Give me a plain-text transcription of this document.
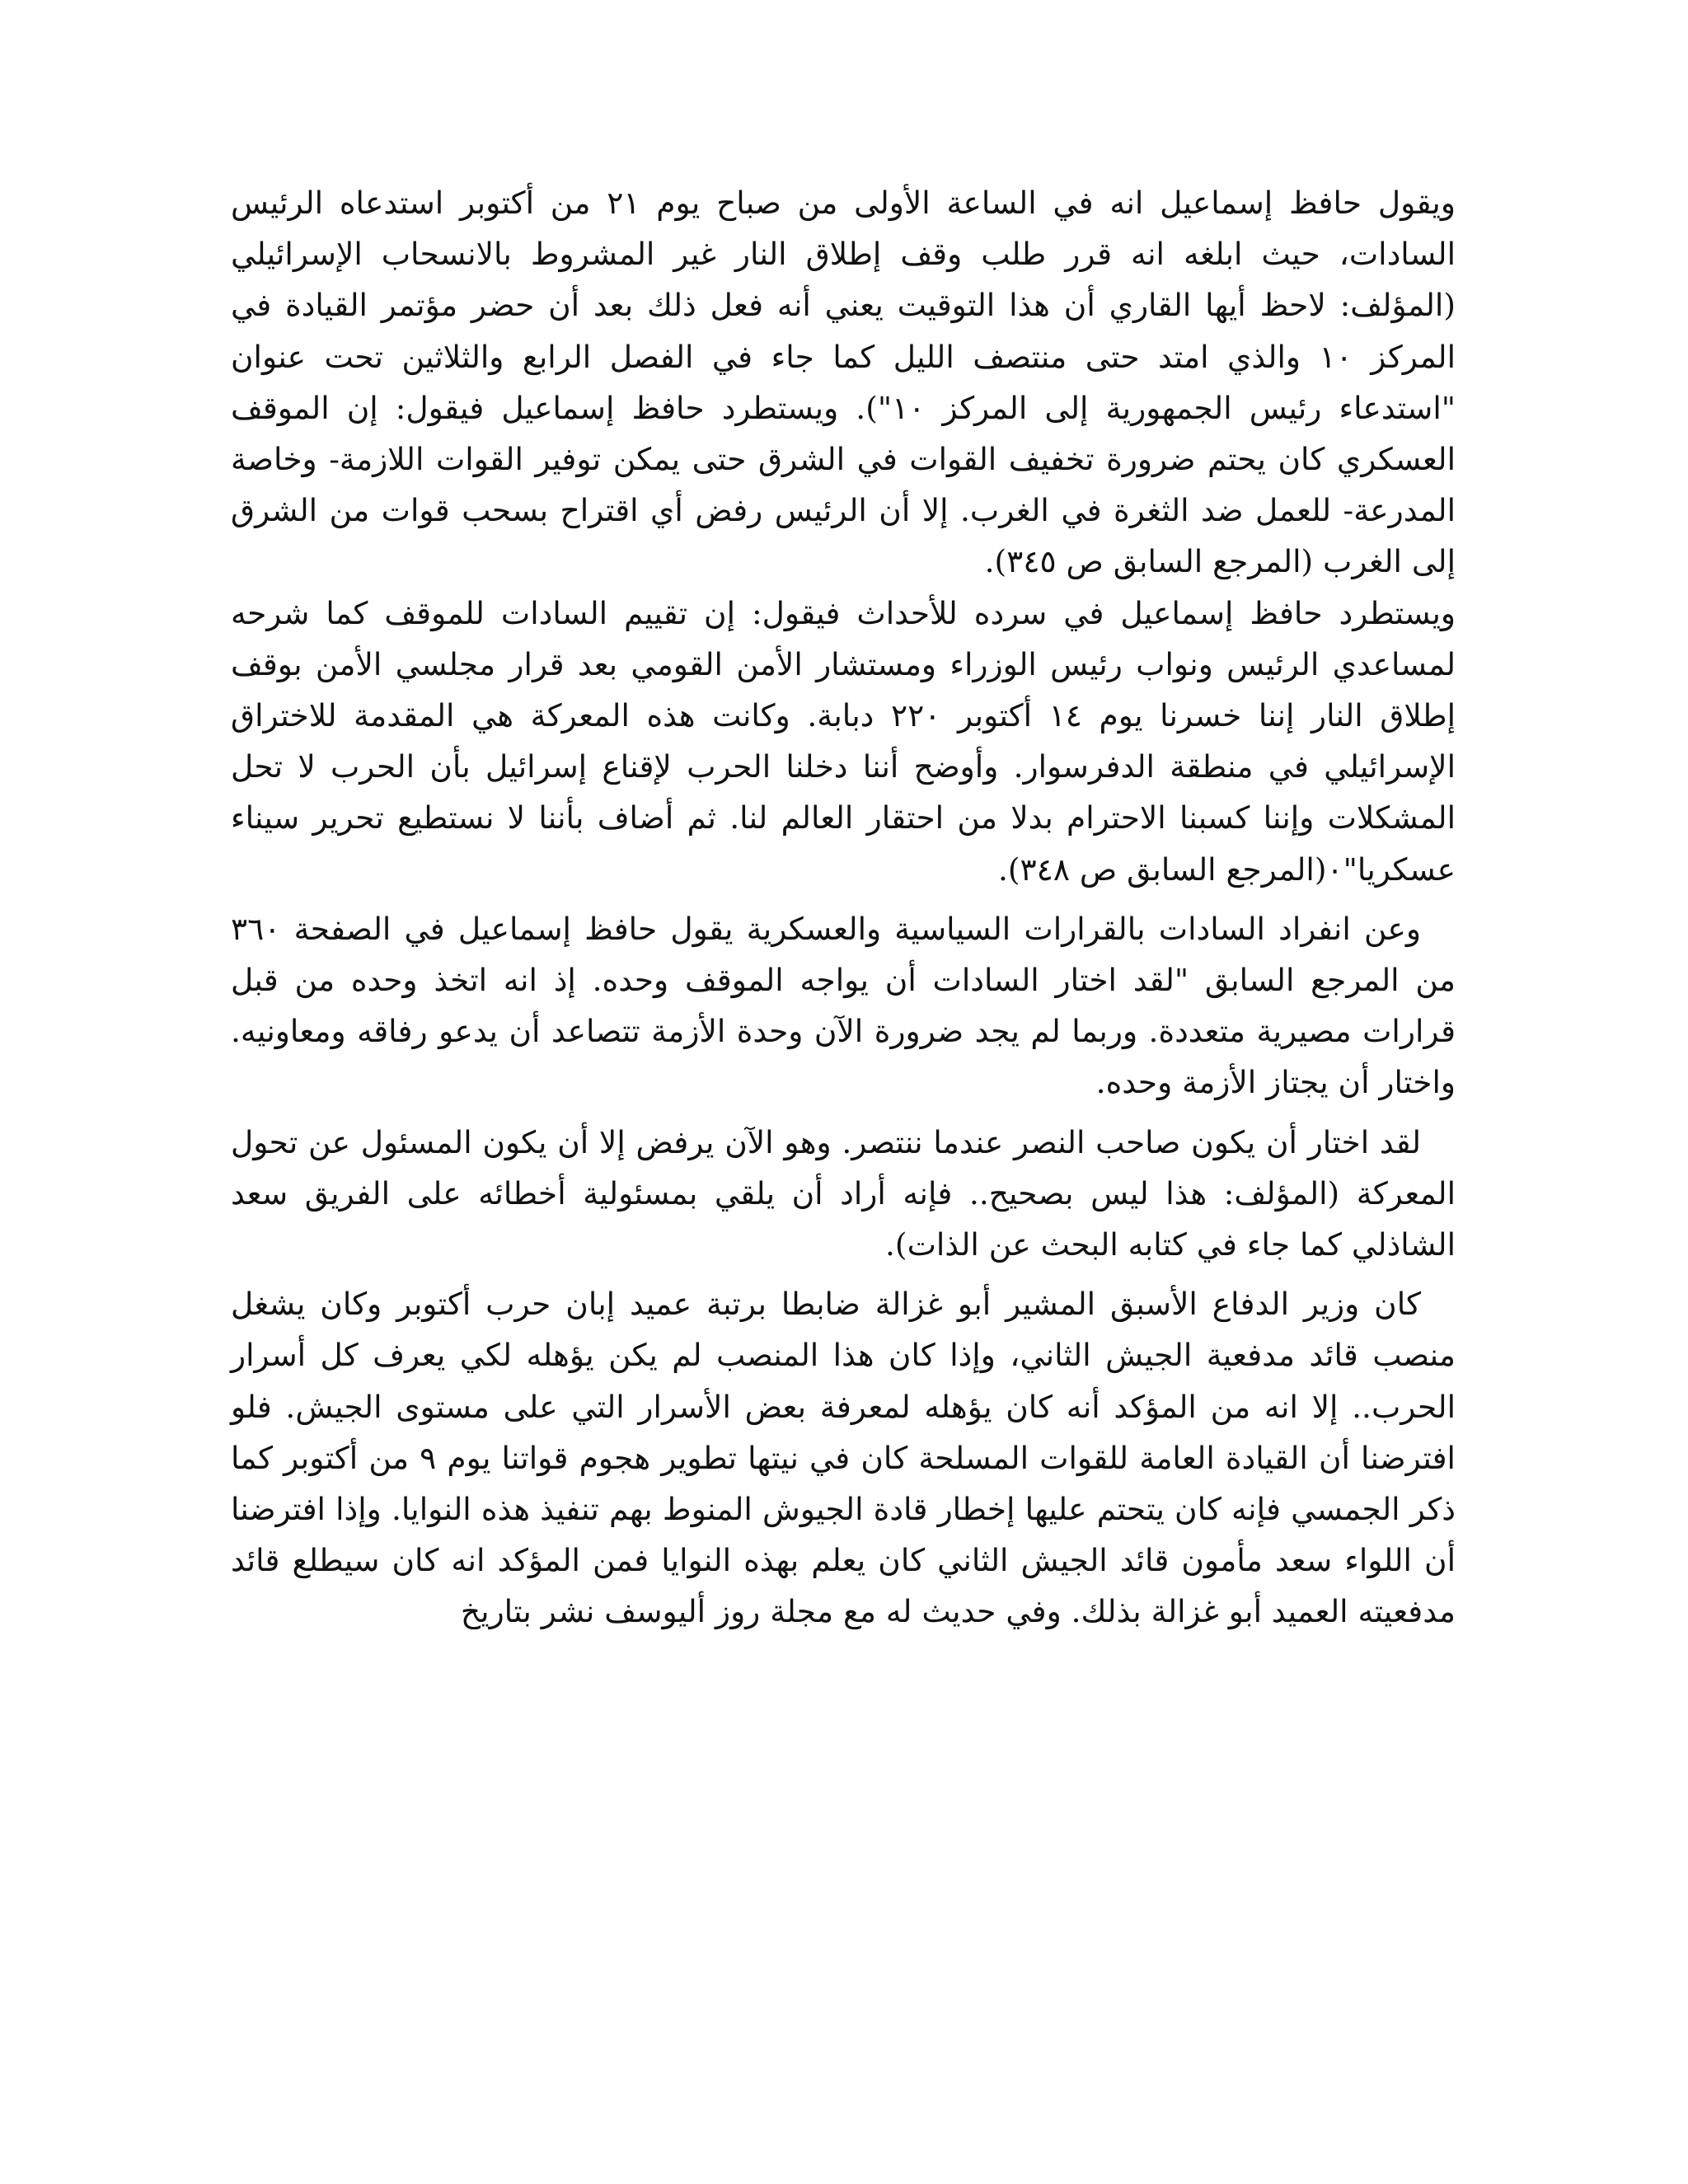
ويقول حافظ إسماعيل انه في الساعة الأولى من صباح يوم ٢١ من أكتوبر استدعاه الرئيس السادات، حيث ابلغه انه قرر طلب وقف إطلاق النار غير المشروط بالانسحاب الإسرائيلي (المؤلف: لاحظ أيها القاري أن هذا التوقيت يعني أنه فعل ذلك بعد أن حضر مؤتمر القيادة في المركز ١٠ والذي امتد حتى منتصف الليل كما جاء في الفصل الرابع والثلاثين تحت عنوان "استدعاء رئيس الجمهورية إلى المركز ١٠"). ويستطرد حافظ إسماعيل فيقول: إن الموقف العسكري كان يحتم ضرورة تخفيف القوات في الشرق حتى يمكن توفير القوات اللازمة- وخاصة المدرعة- للعمل ضد الثغرة في الغرب. إلا أن الرئيس رفض أي اقتراح بسحب قوات من الشرق إلى الغرب (المرجع السابق ص ٣٤٥).

ويستطرد حافظ إسماعيل في سرده للأحداث فيقول: إن تقييم السادات للموقف كما شرحه لمساعدي الرئيس ونواب رئيس الوزراء ومستشار الأمن القومي بعد قرار مجلسي الأمن بوقف إطلاق النار إننا خسرنا يوم ١٤ أكتوبر ٢٢٠ دبابة. وكانت هذه المعركة هي المقدمة للاختراق الإسرائيلي في منطقة الدفرسوار. وأوضح أننا دخلنا الحرب لإقناع إسرائيل بأن الحرب لا تحل المشكلات وإننا كسبنا الاحترام بدلا من احتقار العالم لنا. ثم أضاف بأننا لا نستطيع تحرير سيناء عسكريا"٠(المرجع السابق ص ٣٤٨).

وعن انفراد السادات بالقرارات السياسية والعسكرية يقول حافظ إسماعيل في الصفحة ٣٦٠ من المرجع السابق "لقد اختار السادات أن يواجه الموقف وحده. إذ انه اتخذ وحده من قبل قرارات مصيرية متعددة. وربما لم يجد ضرورة الآن وحدة الأزمة تتصاعد أن يدعو رفاقه ومعاونيه. واختار أن يجتاز الأزمة وحده.

لقد اختار أن يكون صاحب النصر عندما ننتصر. وهو الآن يرفض إلا أن يكون المسئول عن تحول المعركة (المؤلف: هذا ليس بصحيح.. فإنه أراد أن يلقي بمسئولية أخطائه على الفريق سعد الشاذلي كما جاء في كتابه البحث عن الذات).

كان وزير الدفاع الأسبق المشير أبو غزالة ضابطا برتبة عميد إبان حرب أكتوبر وكان يشغل منصب قائد مدفعية الجيش الثاني، وإذا كان هذا المنصب لم يكن يؤهله لكي يعرف كل أسرار الحرب.. إلا انه من المؤكد أنه كان يؤهله لمعرفة بعض الأسرار التي على مستوى الجيش. فلو افترضنا أن القيادة العامة للقوات المسلحة كان في نيتها تطوير هجوم قواتنا يوم ٩ من أكتوبر كما ذكر الجمسي فإنه كان يتحتم عليها إخطار قادة الجيوش المنوط بهم تنفيذ هذه النوايا. وإذا افترضنا أن اللواء سعد مأمون قائد الجيش الثاني كان يعلم بهذه النوايا فمن المؤكد انه كان سيطلع قائد مدفعيته العميد أبو غزالة بذلك. وفي حديث له مع مجلة روز أليوسف نشر بتاريخ
